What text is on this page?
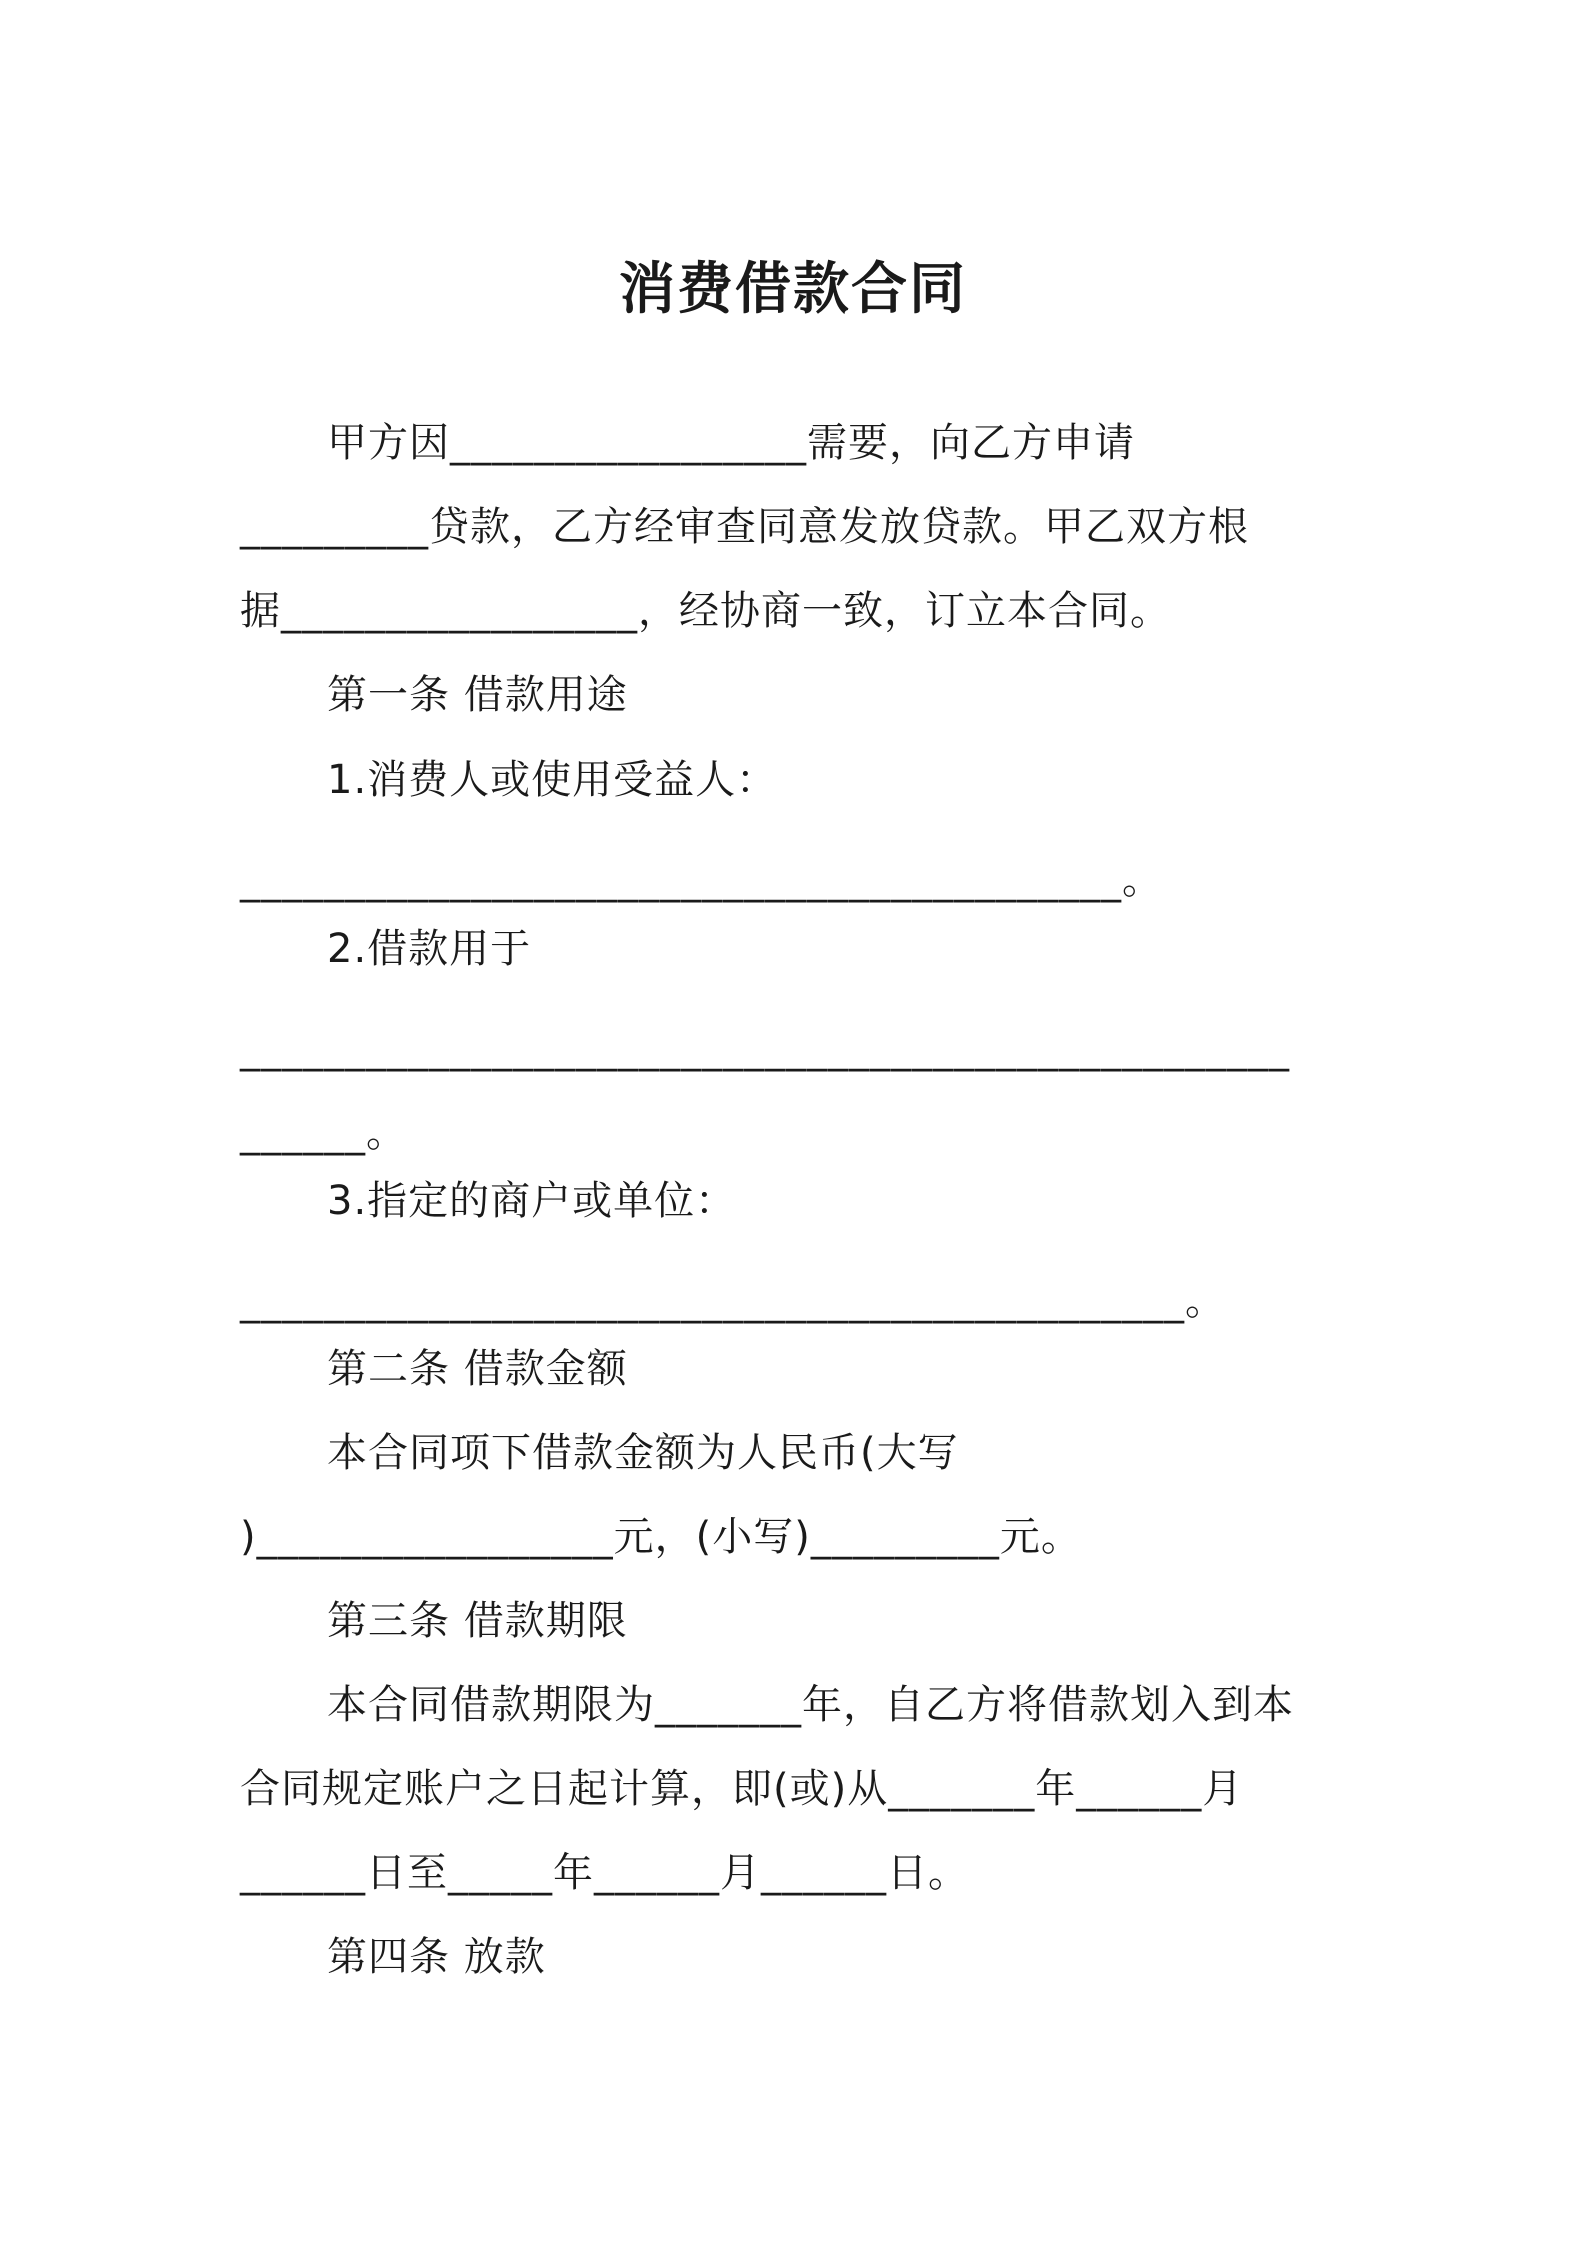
消费借款合同
甲方因_________________需要，向乙方申请
_________贷款，乙方经审查同意发放贷款。甲乙双方根
据_________________，经协商一致，订立本合同。
第一条 借款用途
1.消费人或使用受益人：
__________________________________________。
2.借款用于
__________________________________________________
______。
3.指定的商户或单位：
_____________________________________________。
第二条 借款金额
本合同项下借款金额为人民币(大写
)_________________元，(小写)_________元。
第三条 借款期限
本合同借款期限为_______年，自乙方将借款划入到本
合同规定账户之日起计算，即(或)从_______年______月
______日至_____年______月______日。
第四条 放款
